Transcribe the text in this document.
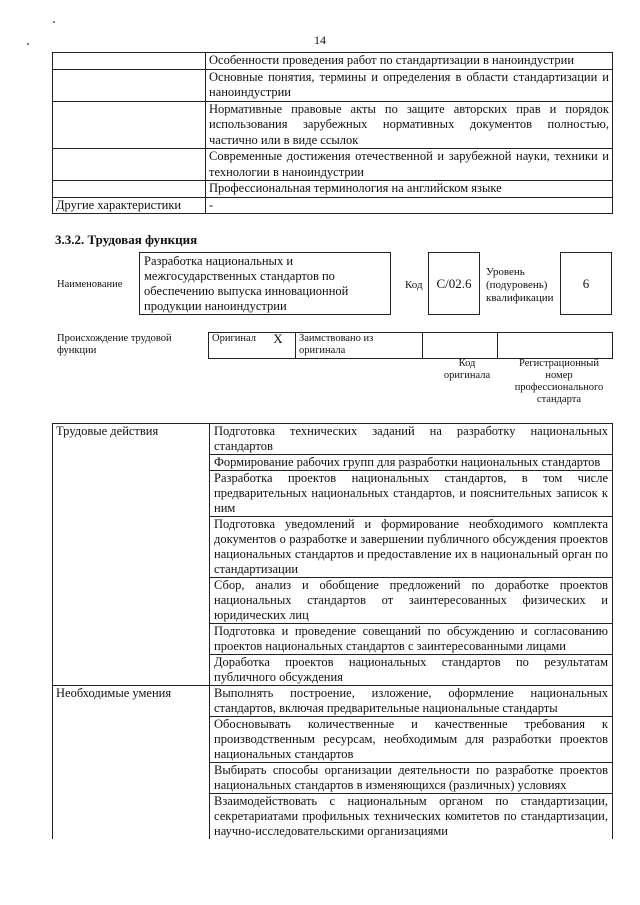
14
	Особенности проведения работ по стандартизации в наноиндустрии
	Основные понятия, термины и определения в области стандартизации и наноиндустрии
	Нормативные правовые акты по защите авторских прав и порядок использования зарубежных нормативных документов полностью, частично или в виде ссылок
	Современные достижения отечественной и зарубежной науки, техники и технологии в наноиндустрии
	Профессиональная терминология на английском языке
Другие характеристики	-
3.3.2. Трудовая функция
Наименование
Разработка национальных и межгосударственных стандартов по обеспечению выпуска инновационной продукции наноиндустрии
Код С/02.6
Уровень (подуровень) квалификации
6
Происхождение трудовой функции
Оригинал	X	Заимствовано из оригинала		
Код оригинала
Регистрационный номер профессионального стандарта
Трудовые действия	Подготовка технических заданий на разработку национальных стандартов
	Формирование рабочих групп для разработки национальных стандартов
	Разработка проектов национальных стандартов, в том числе предварительных национальных стандартов, и пояснительных записок к ним
	Подготовка уведомлений и формирование необходимого комплекта документов о разработке и завершении публичного обсуждения проектов национальных стандартов и предоставление их в национальный орган по стандартизации
	Сбор, анализ и обобщение предложений по доработке проектов национальных стандартов от заинтересованных физических и юридических лиц
	Подготовка и проведение совещаний по обсуждению и согласованию проектов национальных стандартов с заинтересованными лицами
	Доработка проектов национальных стандартов по результатам публичного обсуждения
Необходимые умения	Выполнять построение, изложение, оформление национальных стандартов, включая предварительные национальные стандарты
	Обосновывать количественные и качественные требования к производственным ресурсам, необходимым для разработки проектов национальных стандартов
	Выбирать способы организации деятельности по разработке проектов национальных стандартов в изменяющихся (различных) условиях
	Взаимодействовать с национальным органом по стандартизации, секретариатами профильных технических комитетов по стандартизации, научно-исследовательскими организациями
